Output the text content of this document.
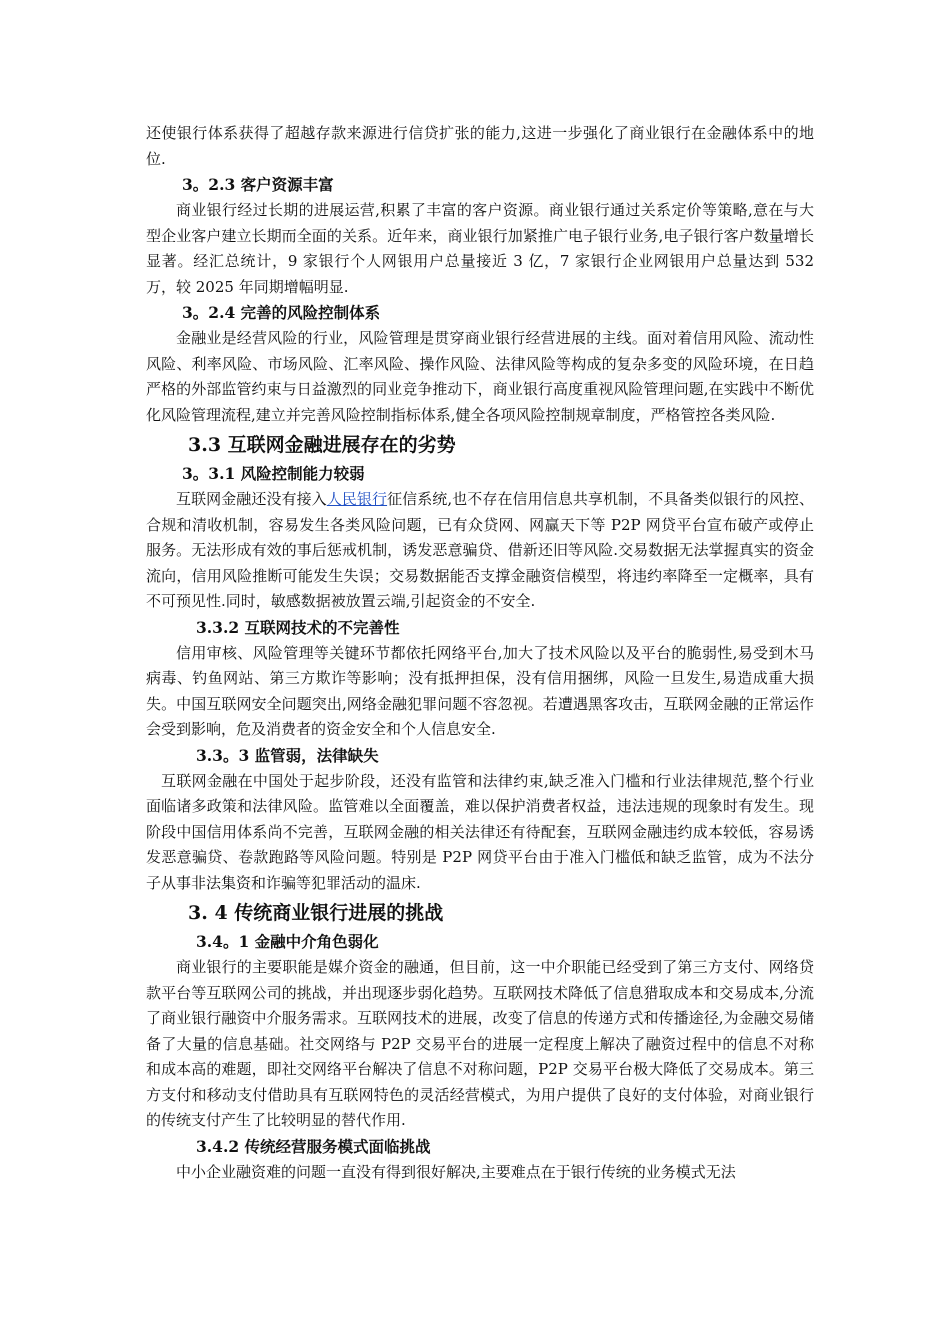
还使银行体系获得了超越存款来源进行信贷扩张的能力,这进一步强化了商业银行在金融体系中的地位.

3。2.3 客户资源丰富

商业银行经过长期的进展运营,积累了丰富的客户资源。商业银行通过关系定价等策略,意在与大型企业客户建立长期而全面的关系。近年来，商业银行加紧推广电子银行业务,电子银行客户数量增长显著。经汇总统计，9 家银行个人网银用户总量接近 3 亿，7 家银行企业网银用户总量达到 532 万，较 2025 年同期增幅明显.

3。2.4 完善的风险控制体系

金融业是经营风险的行业，风险管理是贯穿商业银行经营进展的主线。面对着信用风险、流动性风险、利率风险、市场风险、汇率风险、操作风险、法律风险等构成的复杂多变的风险环境，在日趋严格的外部监管约束与日益激烈的同业竞争推动下，商业银行高度重视风险管理问题,在实践中不断优化风险管理流程,建立并完善风险控制指标体系,健全各项风险控制规章制度，严格管控各类风险.

3.3 互联网金融进展存在的劣势

3。3.1 风险控制能力较弱

互联网金融还没有接入人民银行征信系统,也不存在信用信息共享机制，不具备类似银行的风控、合规和清收机制，容易发生各类风险问题，已有众贷网、网赢天下等 P2P 网贷平台宣布破产或停止服务。无法形成有效的事后惩戒机制，诱发恶意骗贷、借新还旧等风险.交易数据无法掌握真实的资金流向，信用风险推断可能发生失误；交易数据能否支撑金融资信模型，将违约率降至一定概率，具有不可预见性.同时，敏感数据被放置云端,引起资金的不安全.

3.3.2 互联网技术的不完善性

信用审核、风险管理等关键环节都依托网络平台,加大了技术风险以及平台的脆弱性,易受到木马病毒、钓鱼网站、第三方欺诈等影响；没有抵押担保，没有信用捆绑，风险一旦发生,易造成重大损失。中国互联网安全问题突出,网络金融犯罪问题不容忽视。若遭遇黑客攻击，互联网金融的正常运作会受到影响，危及消费者的资金安全和个人信息安全.

3.3。3 监管弱，法律缺失

互联网金融在中国处于起步阶段，还没有监管和法律约束,缺乏准入门槛和行业法律规范,整个行业面临诸多政策和法律风险。监管难以全面覆盖，难以保护消费者权益，违法违规的现象时有发生。现阶段中国信用体系尚不完善，互联网金融的相关法律还有待配套，互联网金融违约成本较低，容易诱发恶意骗贷、卷款跑路等风险问题。特别是 P2P 网贷平台由于准入门槛低和缺乏监管，成为不法分子从事非法集资和诈骗等犯罪活动的温床.

3. 4 传统商业银行进展的挑战

3.4。1 金融中介角色弱化

商业银行的主要职能是媒介资金的融通，但目前，这一中介职能已经受到了第三方支付、网络贷款平台等互联网公司的挑战，并出现逐步弱化趋势。互联网技术降低了信息猎取成本和交易成本,分流了商业银行融资中介服务需求。互联网技术的进展，改变了信息的传递方式和传播途径,为金融交易储备了大量的信息基础。社交网络与 P2P 交易平台的进展一定程度上解决了融资过程中的信息不对称和成本高的难题，即社交网络平台解决了信息不对称问题，P2P 交易平台极大降低了交易成本。第三方支付和移动支付借助具有互联网特色的灵活经营模式，为用户提供了良好的支付体验，对商业银行的传统支付产生了比较明显的替代作用.

3.4.2 传统经营服务模式面临挑战

中小企业融资难的问题一直没有得到很好解决,主要难点在于银行传统的业务模式无法
